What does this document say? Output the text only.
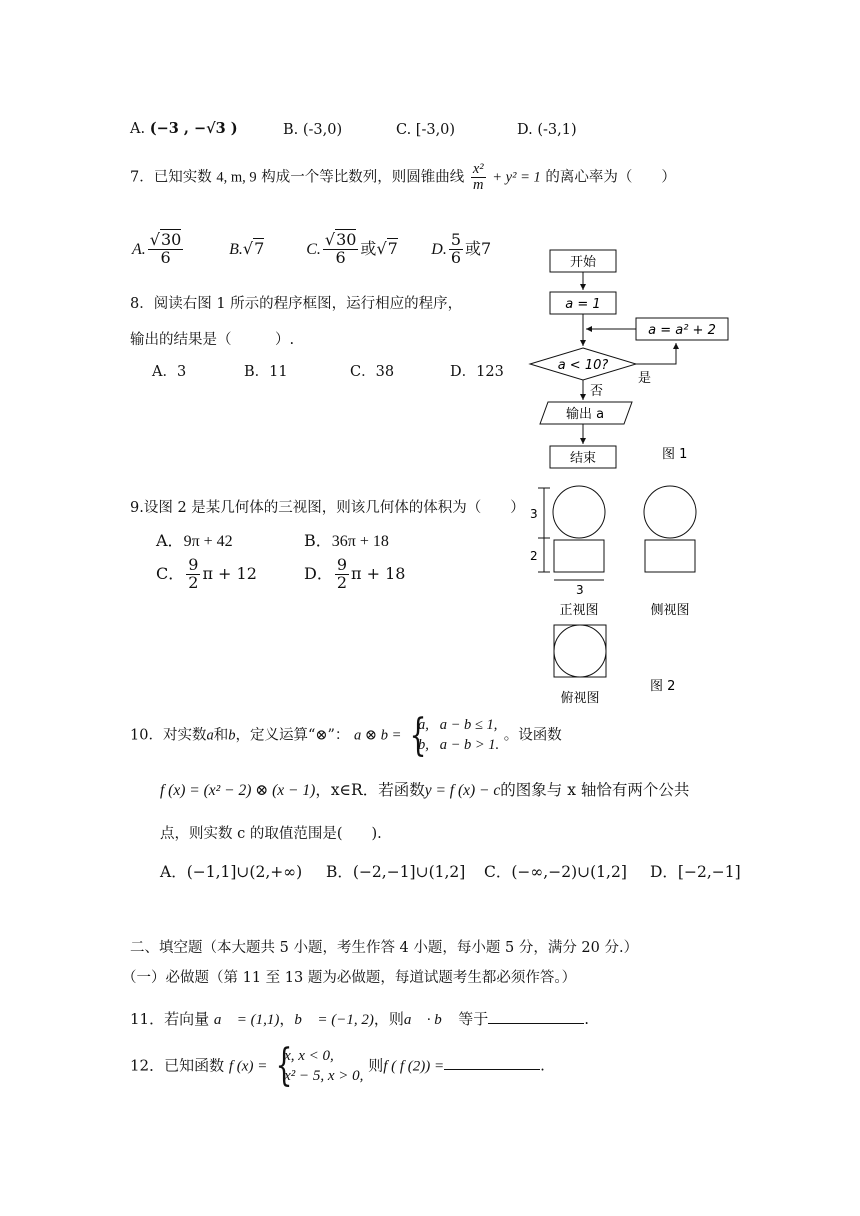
A. (−3 , −√3 )	B. (-3,0)	C. [-3,0)	D. (-3,1)
7．已知实数 4, m, 9 构成一个等比数列，则圆锥曲线 $\frac{\text{x²}}{m} + y^2 = 1$ 的离心率为（　　）
A. $\frac{√30}{6}$	B.√7	C. $\frac{√30}{6}$ 或√7 D. $\frac{5}{6}$ 或7
8．阅读右图 1 所示的程序框图，运行相应的程序，
输出的结果是（　　　）.
A．3	B．11	C．38	D．123
开始
a = 1
a = a² + 2
a < 10?
是
否
输出 a
结束	图 1
9.设图 2 是某几何体的三视图，则该几何体的体积为（　　）
A．9π + 42	B．36π + 18
C． $\frac{9}{2}$ π + 12	D． $\frac{9}{2}$ π + 18
3
2
3
正视图	侧视图
俯视图
图 2
10．对实数a和b，定义运算“⊗”： a ⊗ b =
{ a,   a − b ≤ 1,
b,   a − b > 1.
。设函数
f (x) = (x² − 2) ⊗ (x − 1)，x∈R．若函数y = f (x) − c的图象与 x 轴恰有两个公共
点，则实数 c 的取值范围是(　　).
A．(−1,1]∪(2,+∞) B．(−2,−1]∪(1,2] C．(−∞,−2)∪(1,2] D．[−2,−1]
二、填空题（本大题共 5 小题，考生作答 4 小题，每小题 5 分，满分 20 分.）
（一）必做题（第 11 至 13 题为必做题，每道试题考生都必须作答。）
11．若向量 a⃗ = (1,1)，b⃗ = (−1, 2)，则a⃗ · b⃗ 等于	.
12．已知函数 f (x) =
{ x, x < 0,
x² − 5, x > 0,
则f ( f (2)) =	.
